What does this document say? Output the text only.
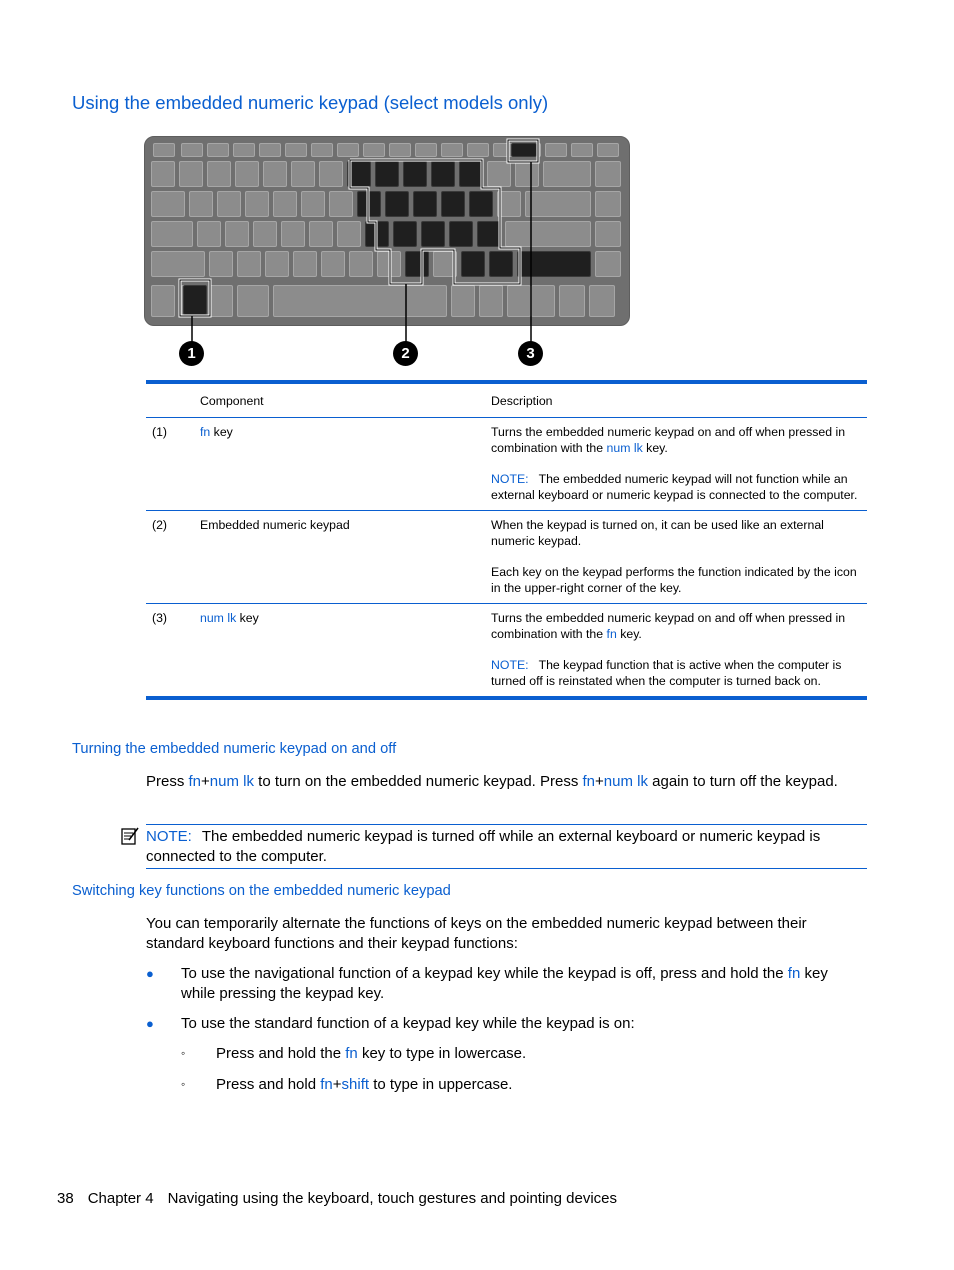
Using the embedded numeric keypad (select models only)
1	2	3
	Component	Description
(1)	fn key	Turns the embedded numeric keypad on and off when pressed in combination with the num lk key.

NOTE: The embedded numeric keypad will not function while an external keyboard or numeric keypad is connected to the computer.

(2)	Embedded numeric keypad	When the keypad is turned on, it can be used like an external numeric keypad.

Each key on the keypad performs the function indicated by the icon in the upper-right corner of the key.

(3)	num lk key	Turns the embedded numeric keypad on and off when pressed in combination with the fn key.

NOTE: The keypad function that is active when the computer is turned off is reinstated when the computer is turned back on.

Turning the embedded numeric keypad on and off

Press fn+num lk to turn on the embedded numeric keypad. Press fn+num lk again to turn off the keypad.

NOTE: The embedded numeric keypad is turned off while an external keyboard or numeric keypad is connected to the computer.
Switching key functions on the embedded numeric keypad

You can temporarily alternate the functions of keys on the embedded numeric keypad between their standard keyboard functions and their keypad functions:

●	To use the navigational function of a keypad key while the keypad is off, press and hold the fn key while pressing the keypad key.

●	To use the standard function of a keypad key while the keypad is on:

◦ Press and hold the fn key to type in lowercase.

◦ Press and hold fn+shift to type in uppercase.

38 Chapter 4 Navigating using the keyboard, touch gestures and pointing devices
